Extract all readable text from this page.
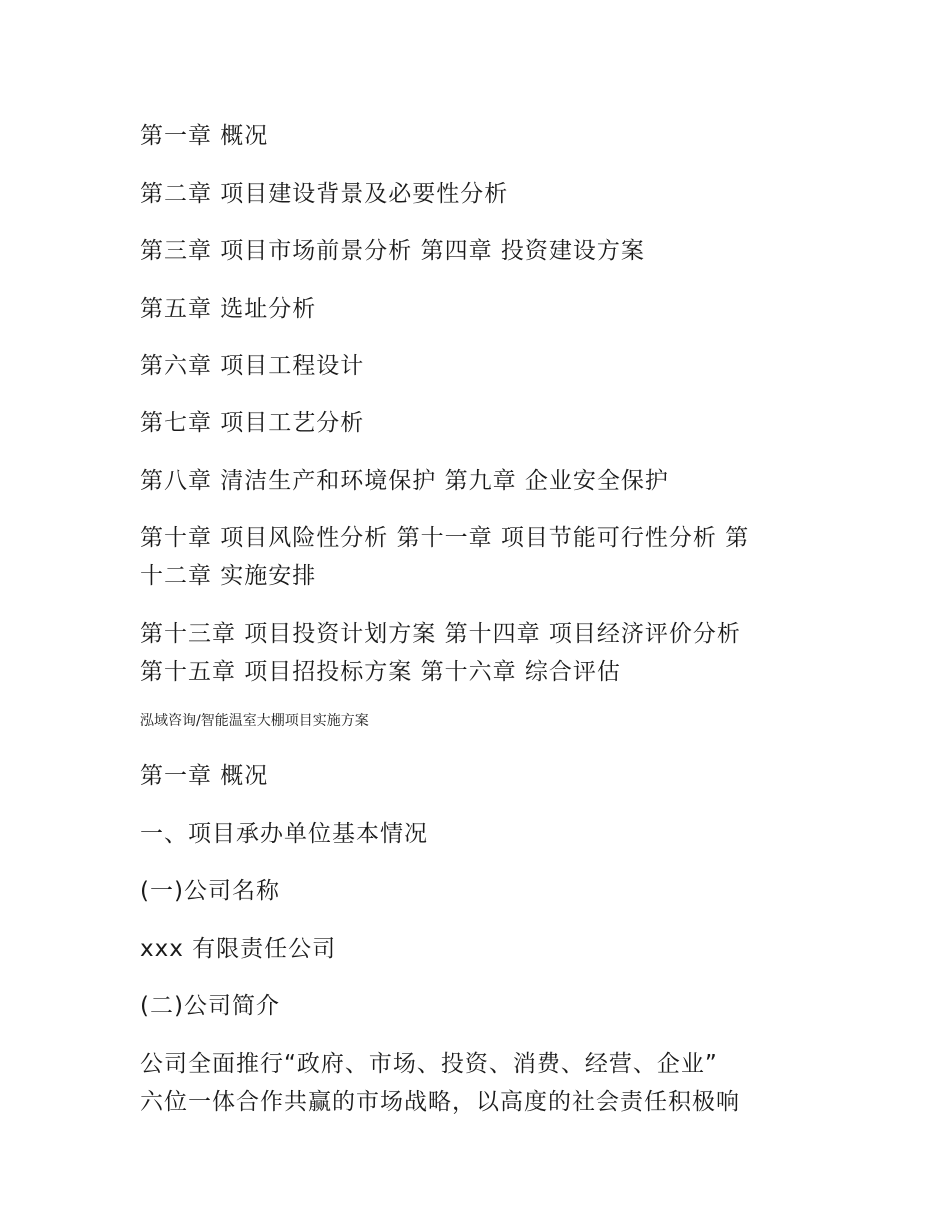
第一章 概况

第二章 项目建设背景及必要性分析

第三章 项目市场前景分析 第四章 投资建设方案

第五章 选址分析

第六章 项目工程设计

第七章 项目工艺分析

第八章 清洁生产和环境保护 第九章 企业安全保护

第十章 项目风险性分析 第十一章 项目节能可行性分析 第
十二章 实施安排
第十三章 项目投资计划方案 第十四章 项目经济评价分析
第十五章 项目招投标方案 第十六章 综合评估
泓域咨询/智能温室大棚项目实施方案

第一章 概况

一、项目承办单位基本情况

(一)公司名称

xxx 有限责任公司

(二)公司简介

公司全面推行“政府、市场、投资、消费、经营、企业”
六位一体合作共赢的市场战略，以高度的社会责任积极响
